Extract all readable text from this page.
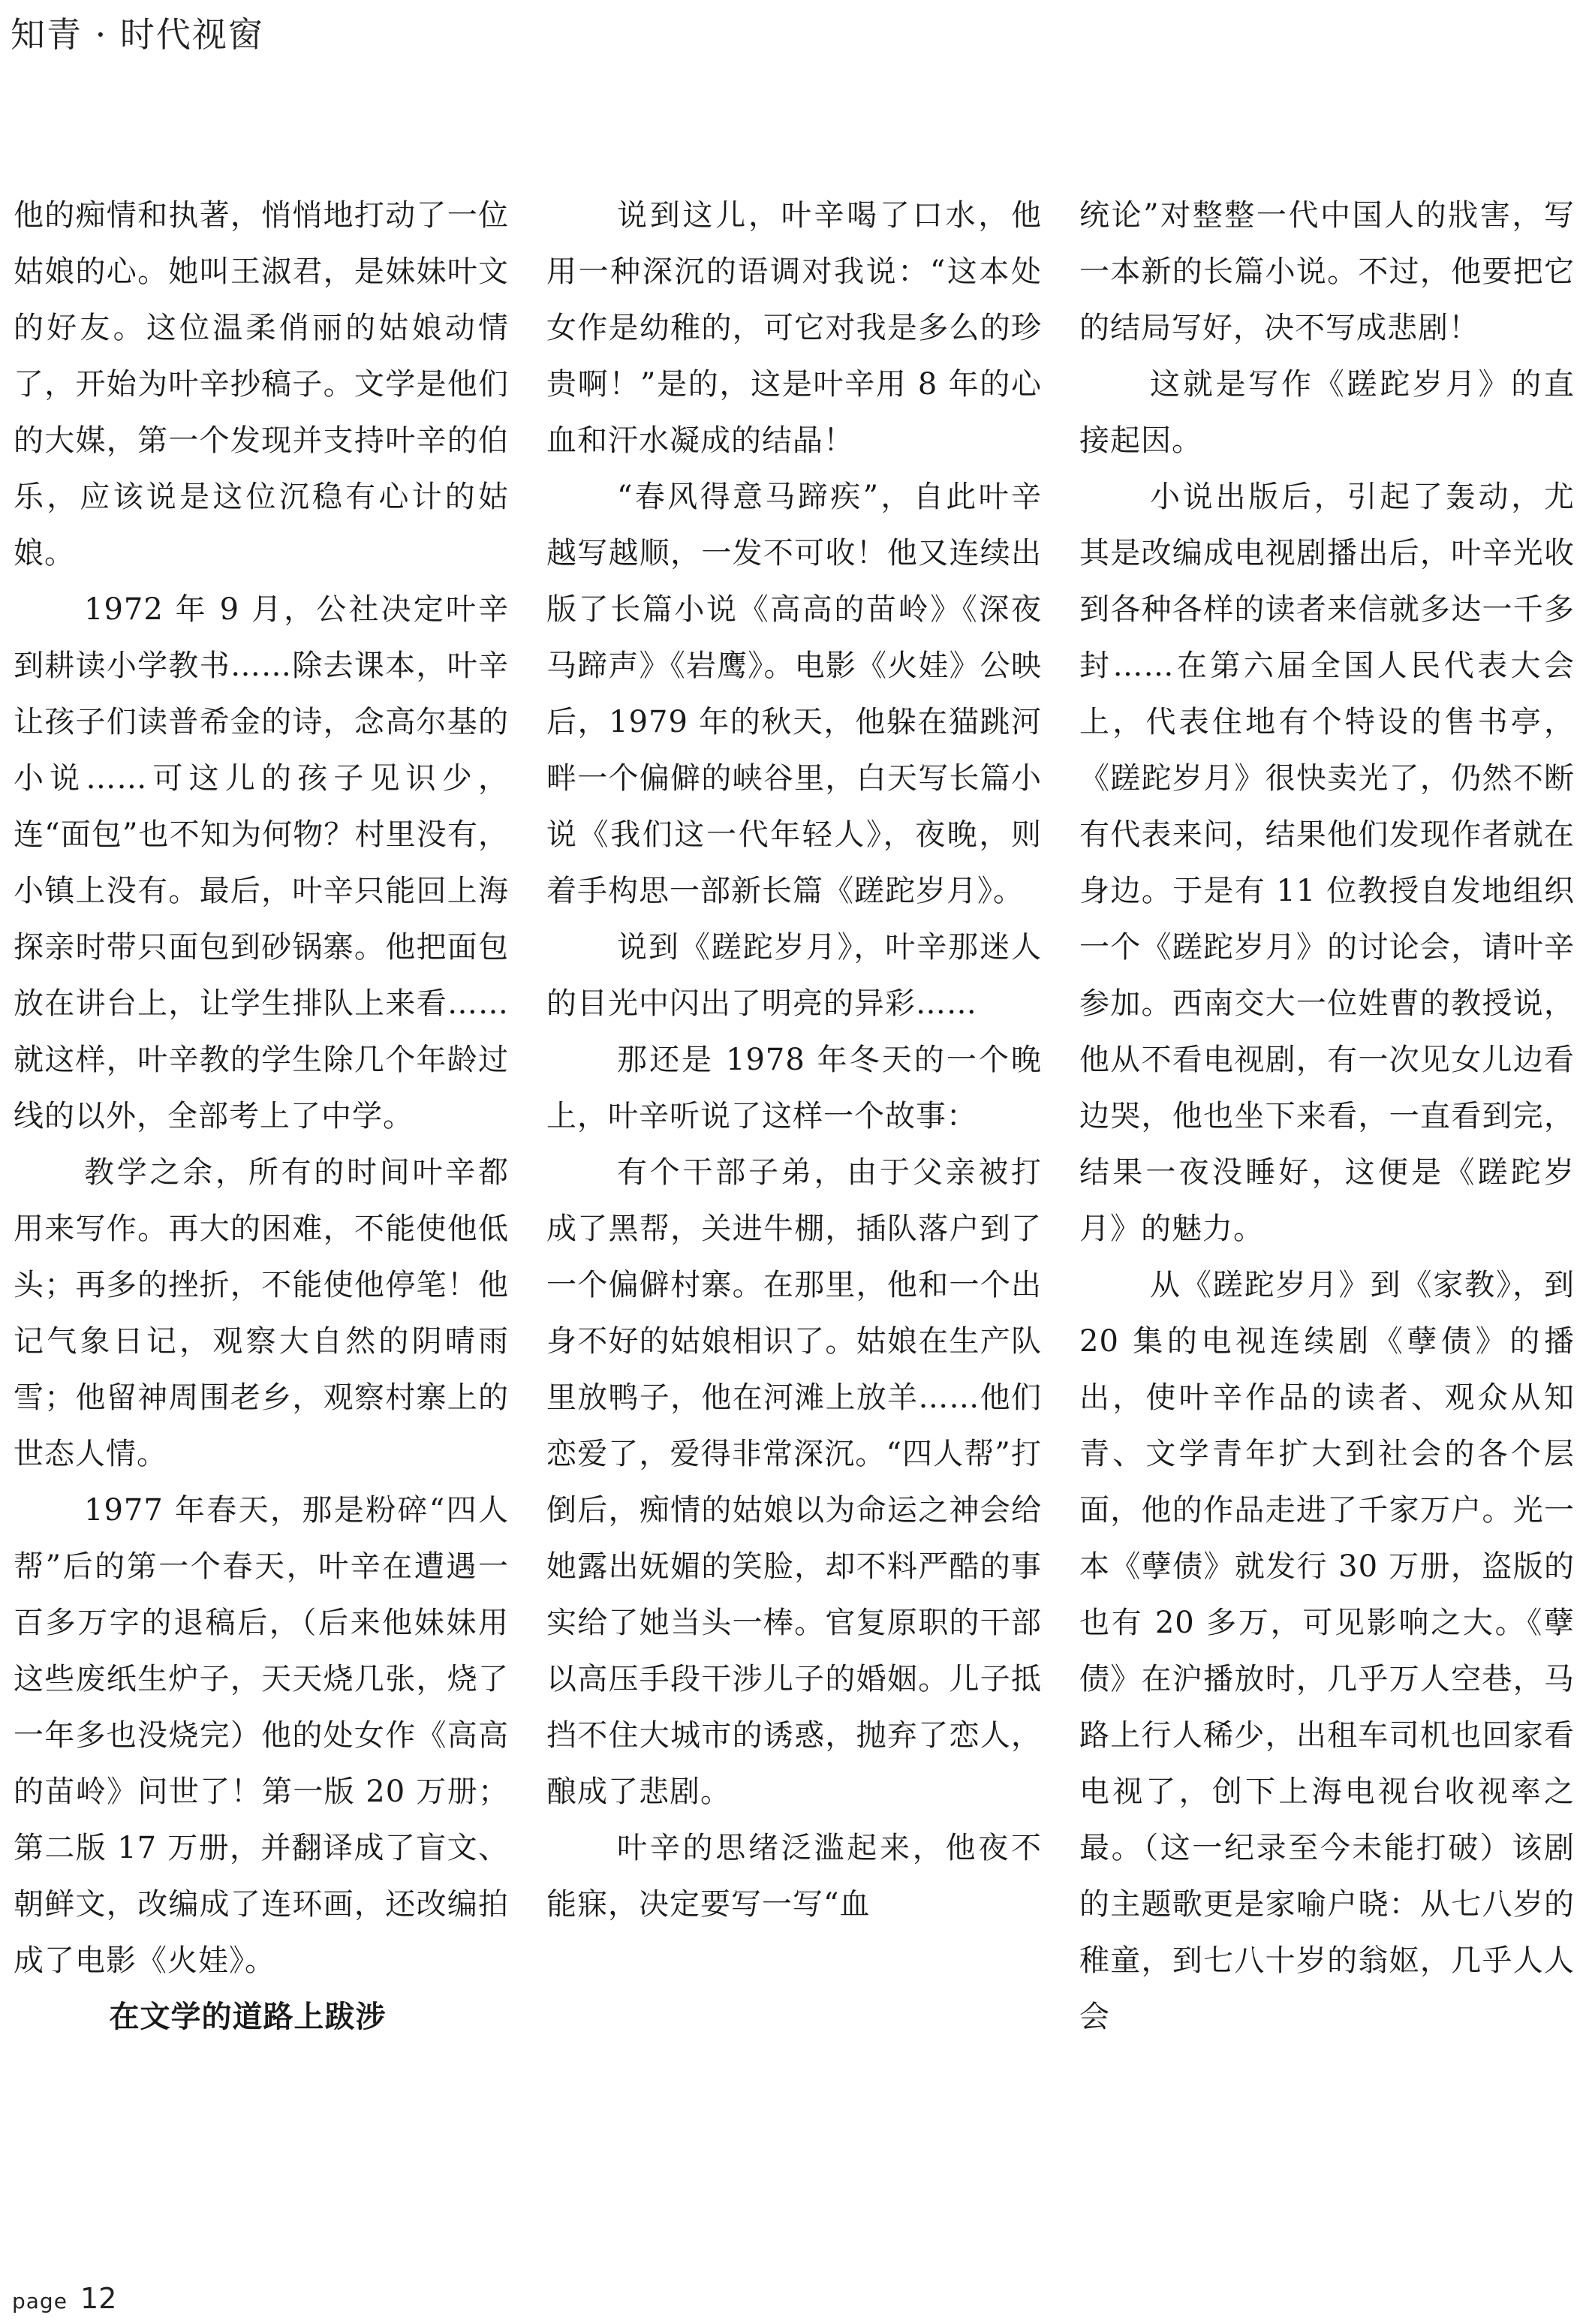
知青 · 时代视窗

他的痴情和执著，悄悄地打动了一位姑娘的心。她叫王淑君，是妹妹叶文的好友。这位温柔俏丽的姑娘动情了，开始为叶辛抄稿子。文学是他们的大媒，第一个发现并支持叶辛的伯乐，应该说是这位沉稳有心计的姑娘。

1972 年 9 月，公社决定叶辛到耕读小学教书……除去课本，叶辛让孩子们读普希金的诗，念高尔基的小说……可这儿的孩子见识少，连“面包”也不知为何物？村里没有，小镇上没有。最后，叶辛只能回上海探亲时带只面包到砂锅寨。他把面包放在讲台上，让学生排队上来看……就这样，叶辛教的学生除几个年龄过线的以外，全部考上了中学。

教学之余，所有的时间叶辛都用来写作。再大的困难，不能使他低头；再多的挫折，不能使他停笔！他记气象日记，观察大自然的阴晴雨雪；他留神周围老乡，观察村寨上的世态人情。

1977 年春天，那是粉碎“四人帮”后的第一个春天，叶辛在遭遇一百多万字的退稿后，（后来他妹妹用这些废纸生炉子，天天烧几张，烧了一年多也没烧完）他的处女作《高高的苗岭》问世了！第一版 20 万册；第二版 17 万册，并翻译成了盲文、朝鲜文，改编成了连环画，还改编拍成了电影《火娃》。

在文学的道路上跋涉

说到这儿，叶辛喝了口水，他用一种深沉的语调对我说：“这本处女作是幼稚的，可它对我是多么的珍贵啊！”是的，这是叶辛用 8 年的心血和汗水凝成的结晶！

“春风得意马蹄疾”，自此叶辛越写越顺，一发不可收！他又连续出版了长篇小说《高高的苗岭》《深夜马蹄声》《岩鹰》。电影《火娃》公映后，1979 年的秋天，他躲在猫跳河畔一个偏僻的峡谷里，白天写长篇小说《我们这一代年轻人》，夜晚，则着手构思一部新长篇《蹉跎岁月》。

说到《蹉跎岁月》，叶辛那迷人的目光中闪出了明亮的异彩……

那还是 1978 年冬天的一个晚上，叶辛听说了这样一个故事：

有个干部子弟，由于父亲被打成了黑帮，关进牛棚，插队落户到了一个偏僻村寨。在那里，他和一个出身不好的姑娘相识了。姑娘在生产队里放鸭子，他在河滩上放羊……他们恋爱了，爱得非常深沉。“四人帮”打倒后，痴情的姑娘以为命运之神会给她露出妩媚的笑脸，却不料严酷的事实给了她当头一棒。官复原职的干部以高压手段干涉儿子的婚姻。儿子抵挡不住大城市的诱惑，抛弃了恋人，酿成了悲剧。

叶辛的思绪泛滥起来，他夜不能寐，决定要写一写“血

统论”对整整一代中国人的戕害，写一本新的长篇小说。不过，他要把它的结局写好，决不写成悲剧！

这就是写作《蹉跎岁月》的直接起因。

小说出版后，引起了轰动，尤其是改编成电视剧播出后，叶辛光收到各种各样的读者来信就多达一千多封……在第六届全国人民代表大会上，代表住地有个特设的售书亭，《蹉跎岁月》很快卖光了，仍然不断有代表来问，结果他们发现作者就在身边。于是有 11 位教授自发地组织一个《蹉跎岁月》的讨论会，请叶辛参加。西南交大一位姓曹的教授说，他从不看电视剧，有一次见女儿边看边哭，他也坐下来看，一直看到完，结果一夜没睡好，这便是《蹉跎岁月》的魅力。

从《蹉跎岁月》到《家教》，到 20 集的电视连续剧《孽债》的播出，使叶辛作品的读者、观众从知青、文学青年扩大到社会的各个层面，他的作品走进了千家万户。光一本《孽债》就发行 30 万册，盗版的也有 20 多万，可见影响之大。《孽债》在沪播放时，几乎万人空巷，马路上行人稀少，出租车司机也回家看电视了，创下上海电视台收视率之最。（这一纪录至今未能打破）该剧的主题歌更是家喻户晓：从七八岁的稚童，到七八十岁的翁妪，几乎人人会

page 12
